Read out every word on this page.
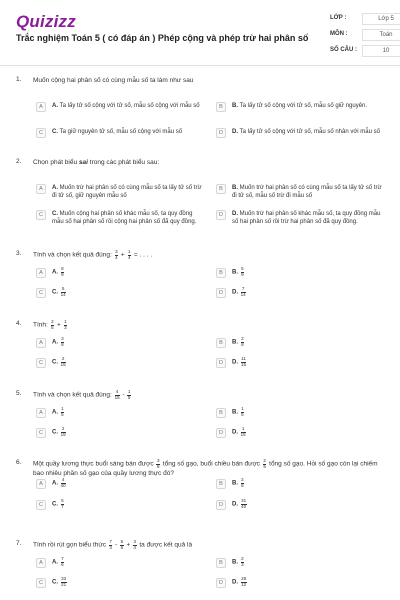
Quizizz
Trắc nghiệm Toán 5 ( có đáp án ) Phép cộng và phép trừ hai phân số
LỚP :	Lớp 5
MÔN :	Toán
SỐ CÂU :	10
1. Muốn cộng hai phân số có cùng mẫu số ta làm như sau
A	A. Ta lấy tử số cộng với tử số, mẫu số cộng với mẫu số	B	B. Ta lấy tử số cộng với tử số, mẫu số giữ nguyên.
C	C. Ta giữ nguyên tử số, mẫu số cộng với mẫu số	D	D. Ta lấy tử số cộng với tử số, mẫu số nhân với mẫu số
2. Chọn phát biểu sai trong các phát biểu sau:
A	A. Muốn trừ hai phân số có cùng mẫu số ta lấy tử số trừ đi tử số, giữ nguyên mẫu số
B	B. Muốn trừ hai phân số có cùng mẫu số ta lấy tử số trừ đi tử số, mẫu số trừ đi mẫu số
C	C. Muốn cộng hai phân số khác mẫu số, ta quy đồng mẫu số hai phân số rồi cộng hai phân số đã quy đồng.
D	D. Muốn trừ hai phân số khác mẫu số, ta quy đồng mẫu số hai phân số rồi trừ hai phân số đã quy đồng.
3. Tính và chọn kết quả đúng: $\frac{3}{4} + \frac{1}{4}$ = . . . .
A	A. $\frac{8}{9}$	B	B. $\frac{5}{9}$
C	C. $\frac{5}{14}$	D	D. $\frac{7}{14}$
4. Tính: $\frac{2}{5} + \frac{1}{3}$
A	A. $\frac{3}{8}$	B	B. $\frac{2}{8}$
C	C. $\frac{2}{15}$	D	D. $\frac{11}{15}$
5. Tính và chọn kết quả đúng: $\frac{4}{15} - \frac{1}{5}$
A	A. $\frac{1}{5}$	B	B. $\frac{1}{5}$
C	C. $\frac{2}{15}$	D	D. $\frac{1}{15}$
6. Một quầy lương thực buổi sáng bán được $\frac{3}{8}$ tổng số gạo, buổi chiều bán được $\frac{2}{5}$ tổng số gạo. Hỏi số gạo còn lại chiếm bao nhiêu phần số gạo của quầy lương thực đó?
A	A. $\frac{4}{40}$	B	B. $\frac{2}{8}$
C	C. $\frac{5}{7}$	D	D. $\frac{31}{40}$
7. Tính rồi rút gọn biểu thức $\frac{7}{3} - \frac{5}{6} + \frac{3}{4}$ ta được kết quả là
A	A. $\frac{7}{6}$	B	B. $\frac{2}{3}$
C	C. $\frac{33}{21}$	D	D. $\frac{28}{12}$
